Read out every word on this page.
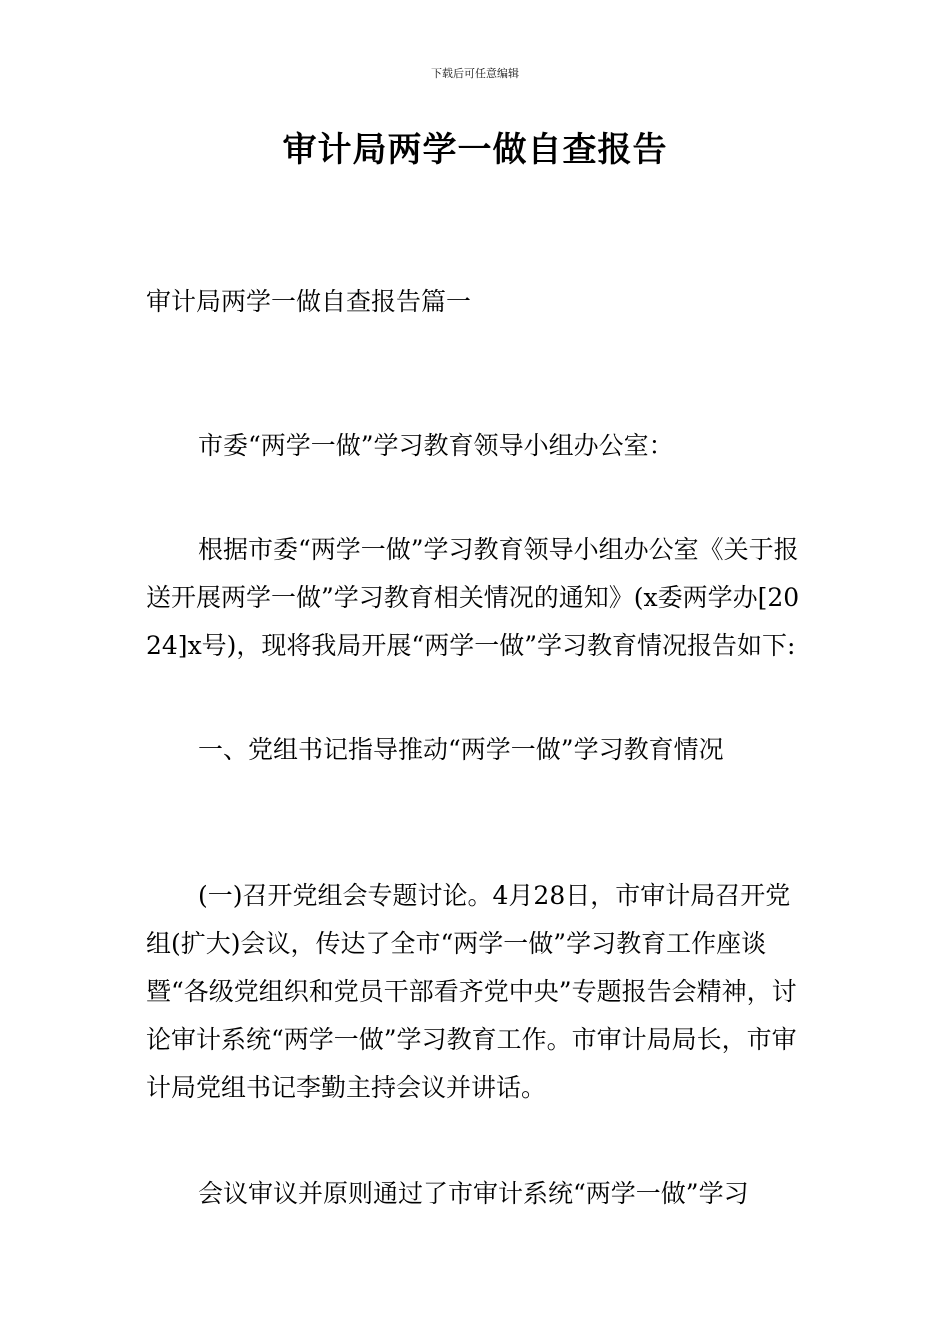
下载后可任意编辑
审计局两学一做自查报告

审计局两学一做自查报告篇一

市委“两学一做”学习教育领导小组办公室：

根据市委“两学一做”学习教育领导小组办公室《关于报送开展两学一做”学习教育相关情况的通知》(x委两学办[2024]x号)，现将我局开展“两学一做”学习教育情况报告如下:

一、党组书记指导推动“两学一做”学习教育情况

(一)召开党组会专题讨论。4月28日，市审计局召开党组(扩大)会议，传达了全市“两学一做”学习教育工作座谈暨“各级党组织和党员干部看齐党中央”专题报告会精神，讨论审计系统“两学一做”学习教育工作。市审计局局长，市审计局党组书记李勤主持会议并讲话。

会议审议并原则通过了市审计系统“两学一做”学习
